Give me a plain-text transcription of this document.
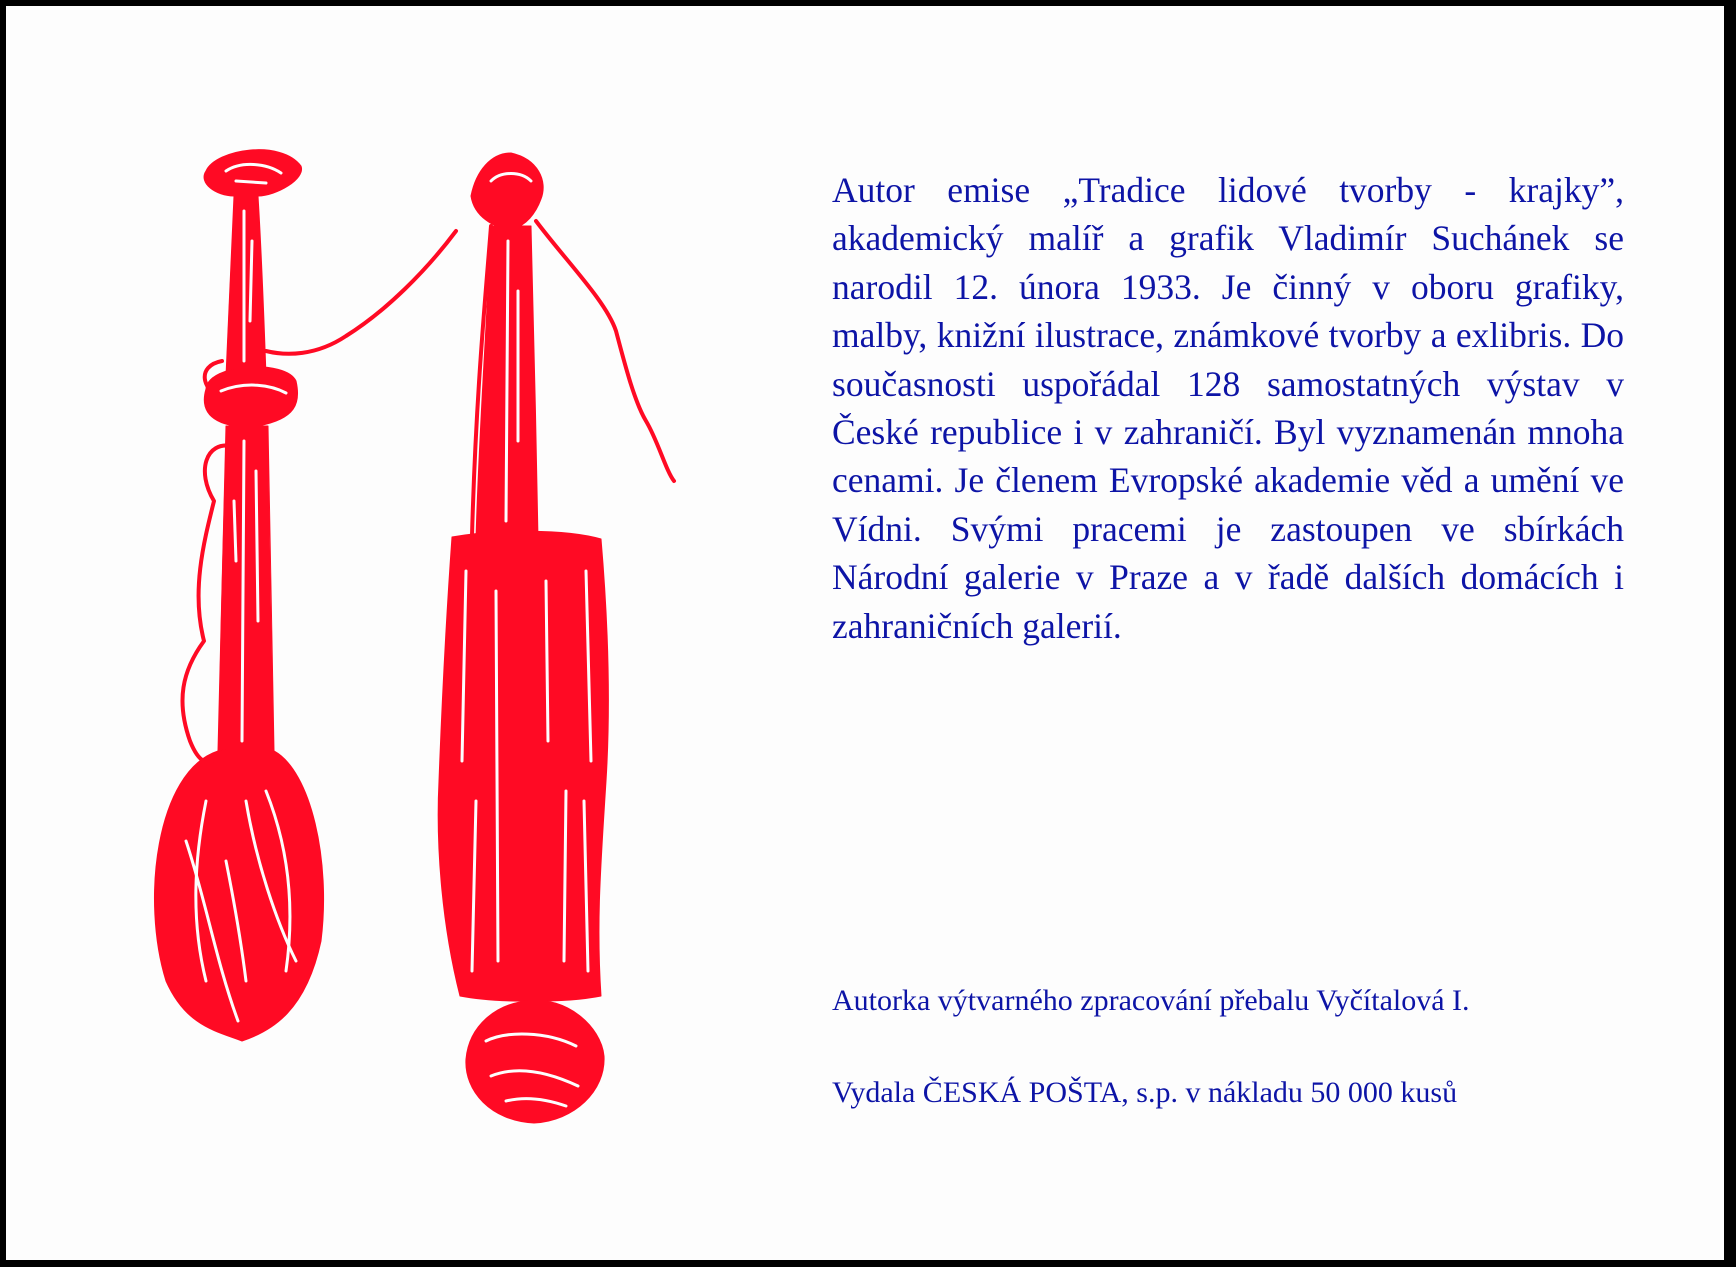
Autor emise „Tradice lidové tvorby - krajky”, akademický malíř a grafik Vladimír Suchánek se narodil 12. února 1933. Je činný v oboru grafiky, malby, knižní ilustrace, známkové tvorby a exlibris. Do současnosti uspořádal 128 samostatných výstav v České republice i v zahraničí. Byl vyznamenán mnoha cenami. Je členem Evropské akademie věd a umění ve Vídni. Svými pracemi je zastoupen ve sbírkách Národní galerie v Praze a v řadě dalších domácích i zahraničních galerií.

Autorka výtvarného zpracování přebalu Vyčítalová I.

Vydala ČESKÁ POŠTA, s.p. v nákladu 50 000 kusů
